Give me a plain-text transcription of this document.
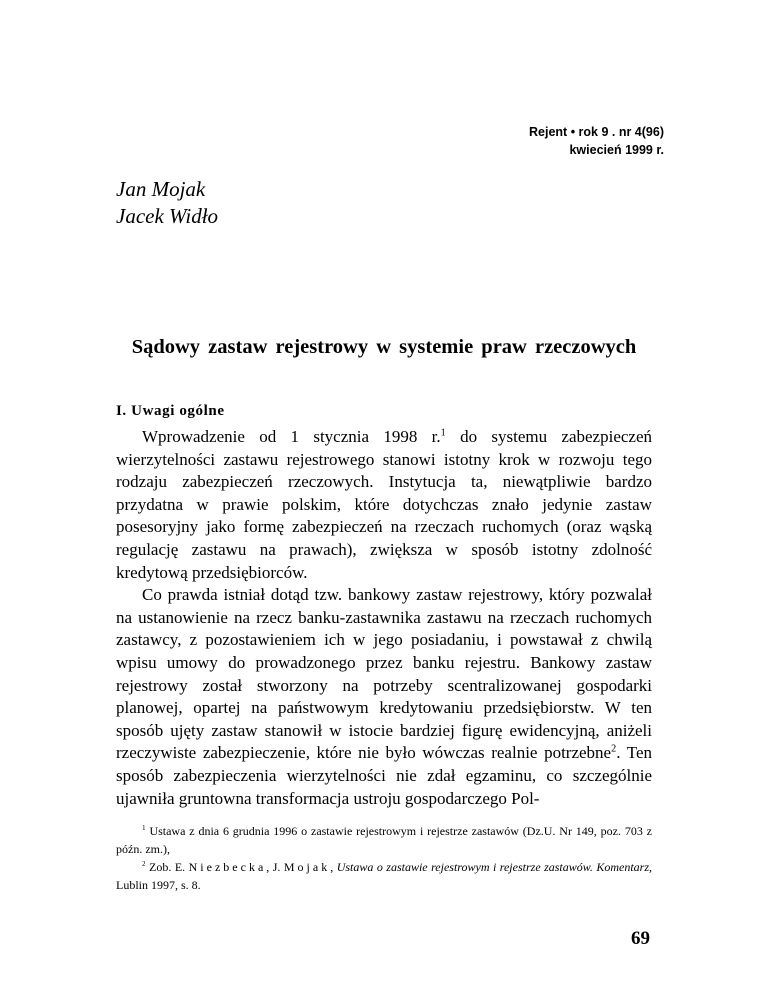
Rejent • rok 9 . nr 4(96)
kwiecień 1999 r.
Jan Mojak
Jacek Widło
Sądowy zastaw rejestrowy w systemie praw rzeczowych
I. Uwagi ogólne

Wprowadzenie od 1 stycznia 1998 r.$^1$ do systemu zabezpieczeń wierzytelności zastawu rejestrowego stanowi istotny krok w rozwoju tego rodzaju zabezpieczeń rzeczowych. Instytucja ta, niewątpliwie bardzo przydatna w prawie polskim, które dotychczas znało jedynie zastaw posesoryjny jako formę zabezpieczeń na rzeczach ruchomych (oraz wąską regulację zastawu na prawach), zwiększa w sposób istotny zdolność kredytową przedsiębiorców.

Co prawda istniał dotąd tzw. bankowy zastaw rejestrowy, który pozwalał na ustanowienie na rzecz banku-zastawnika zastawu na rzeczach ruchomych zastawcy, z pozostawieniem ich w jego posiadaniu, i powstawał z chwilą wpisu umowy do prowadzonego przez banku rejestru. Bankowy zastaw rejestrowy został stworzony na potrzeby scentralizowanej gospodarki planowej, opartej na państwowym kredytowaniu przedsiębiorstw. W ten sposób ujęty zastaw stanowił w istocie bardziej figurę ewidencyjną, aniżeli rzeczywiste zabezpieczenie, które nie było wówczas realnie potrzebne$^2$. Ten sposób zabezpieczenia wierzytelności nie zdał egzaminu, co szczególnie ujawniła gruntowna transformacja ustroju gospodarczego Pol-

$^1$ Ustawa z dnia 6 grudnia 1996 o zastawie rejestrowym i rejestrze zastawów (Dz.U. Nr 149, poz. 703 z późn. zm.),

$^2$ Zob. E. Niezbecka, J. Mojak, Ustawa o zastawie rejestrowym i rejestrze zastawów. Komentarz, Lublin 1997, s. 8.

69
